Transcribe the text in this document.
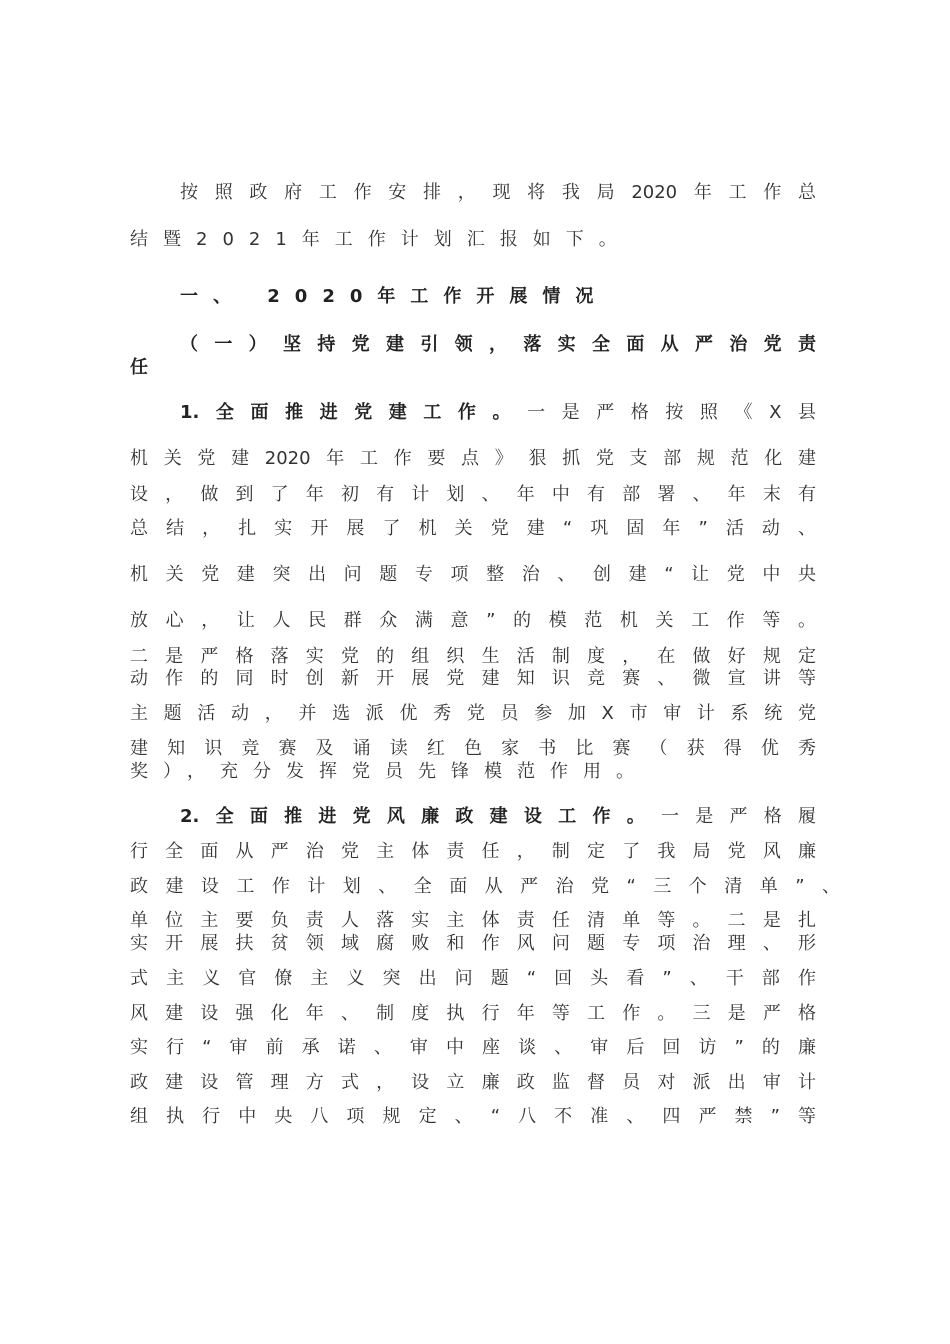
按照政府工作安排，现将我局2020年工作总
结暨2021年工作计划汇报如下。
一、 2020年工作开展情况
（一）坚持党建引领，落实全面从严治党责
任
1.全面推进党建工作。一是严格按照《X县
机关党建2020年工作要点》狠抓党支部规范化建
设，做到了年初有计划、年中有部署、年末有
总结，扎实开展了机关党建“巩固年”活动、
机关党建突出问题专项整治、创建“让党中央
放心，让人民群众满意”的模范机关工作等。
二是严格落实党的组织生活制度，在做好规定
动作的同时创新开展党建知识竞赛、微宣讲等
主题活动，并选派优秀党员参加X市审计系统党
建知识竞赛及诵读红色家书比赛（获得优秀
奖），充分发挥党员先锋模范作用。
2.全面推进党风廉政建设工作。一是严格履
行全面从严治党主体责任，制定了我局党风廉
政建设工作计划、全面从严治党“三个清单”、
单位主要负责人落实主体责任清单等。二是扎
实开展扶贫领域腐败和作风问题专项治理、形
式主义官僚主义突出问题“回头看”、干部作
风建设强化年、制度执行年等工作。三是严格
实行“审前承诺、审中座谈、审后回访”的廉
政建设管理方式，设立廉政监督员对派出审计
组执行中央八项规定、“八不准、四严禁”等
